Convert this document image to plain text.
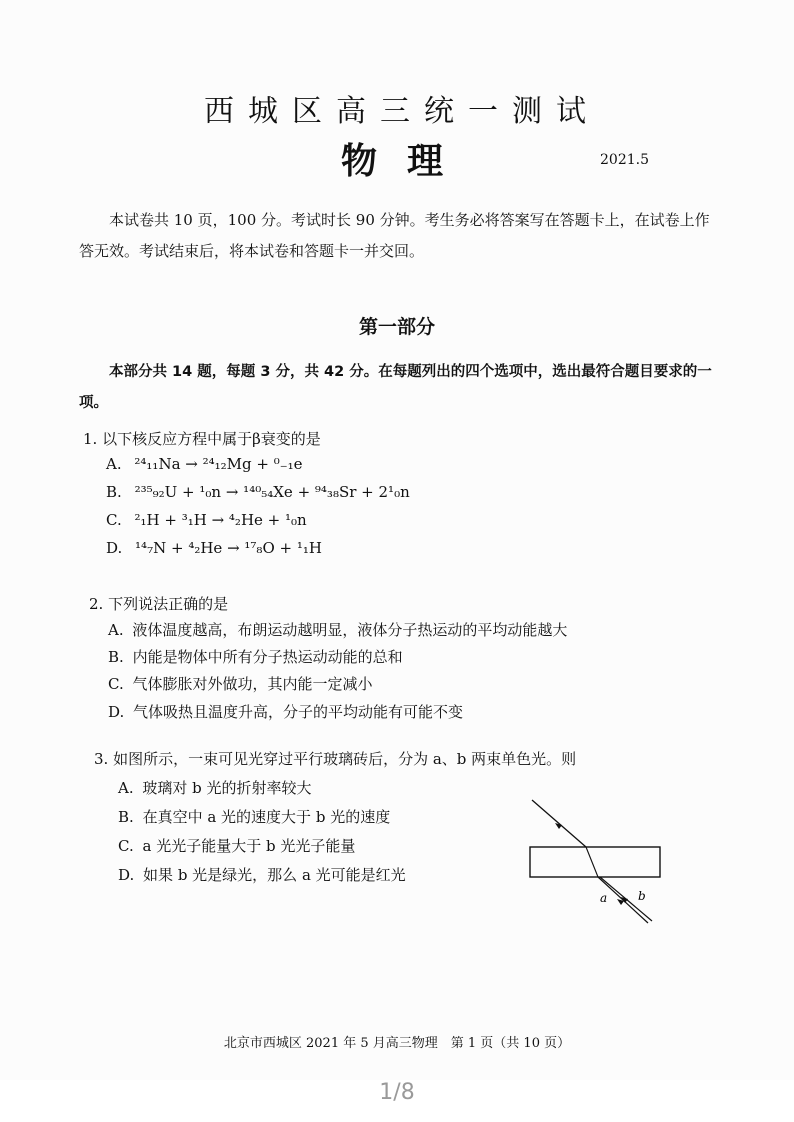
西城区高三统一测试
物理	2021.5
本试卷共 10 页，100 分。考试时长 90 分钟。考生务必将答案写在答题卡上，在试卷上作答无效。考试结束后，将本试卷和答题卡一并交回。
第一部分
本部分共 14 题，每题 3 分，共 42 分。在每题列出的四个选项中，选出最符合题目要求的一项。
1. 以下核反应方程中属于β衰变的是
A. ²⁴₁₁Na → ²⁴₁₂Mg + ⁰₋₁e
B. ²³⁵₉₂U + ¹₀n → ¹⁴⁰₅₄Xe + ⁹⁴₃₈Sr + 2¹₀n
C. ²₁H + ³₁H → ⁴₂He + ¹₀n
D. ¹⁴₇N + ⁴₂He → ¹⁷₈O + ¹₁H
2. 下列说法正确的是
A. 液体温度越高，布朗运动越明显，液体分子热运动的平均动能越大
B. 内能是物体中所有分子热运动动能的总和
C. 气体膨胀对外做功，其内能一定减小
D. 气体吸热且温度升高，分子的平均动能有可能不变
3. 如图所示，一束可见光穿过平行玻璃砖后，分为 a、b 两束单色光。则
A. 玻璃对 b 光的折射率较大
B. 在真空中 a 光的速度大于 b 光的速度
C. a 光光子能量大于 b 光光子能量
D. 如果 b 光是绿光，那么 a 光可能是红光
a	b
北京市西城区 2021 年 5 月高三物理　第 1 页（共 10 页）
1/8
